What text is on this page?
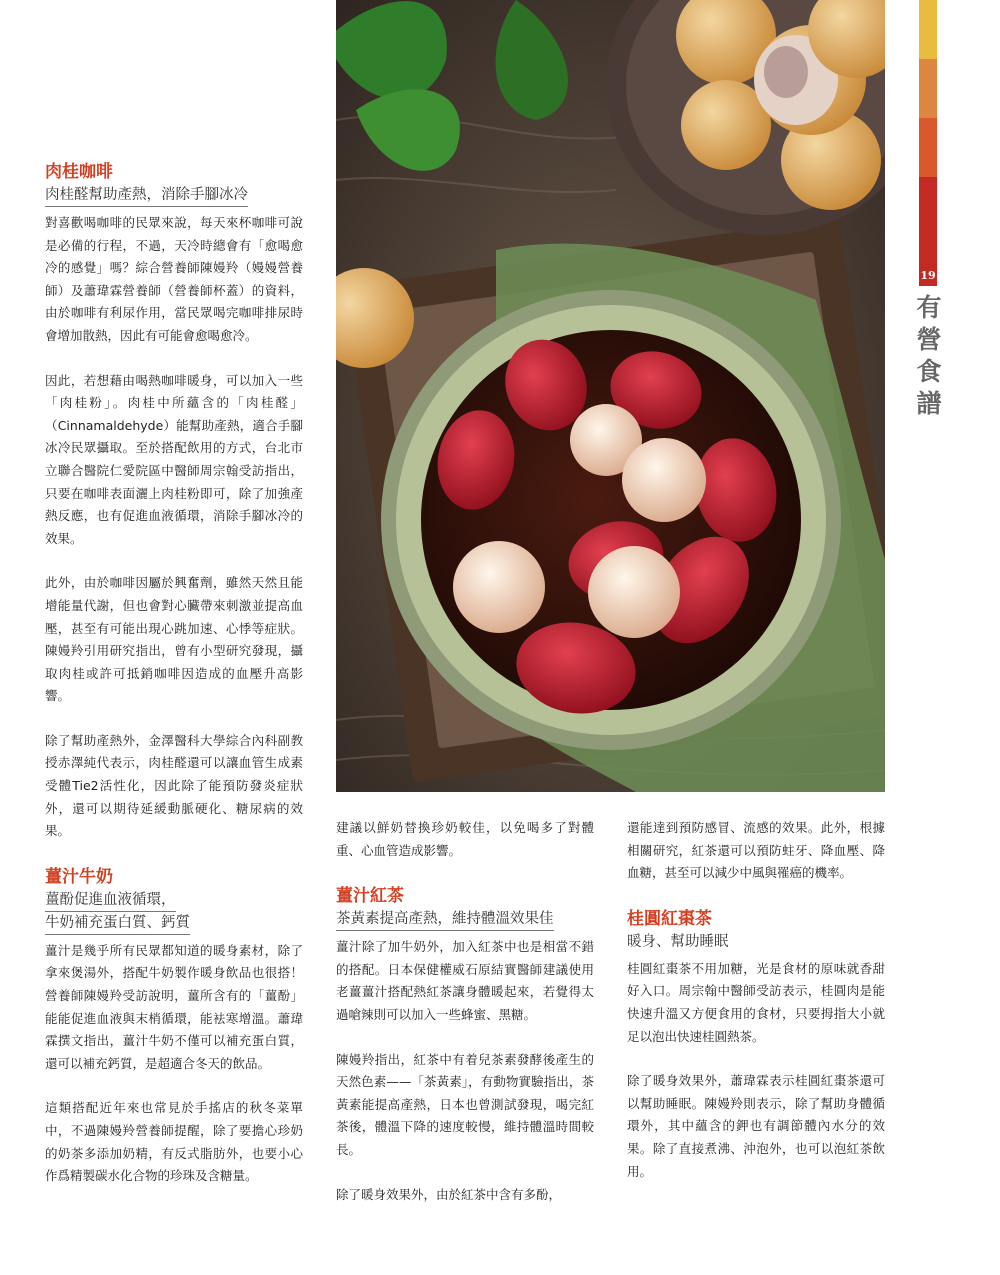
肉桂咖啡
肉桂醛幫助產熱，消除手腳冰冷

對喜歡喝咖啡的民眾來說，每天來杯咖啡可說是必備的行程，不過，天冷時總會有「愈喝愈冷的感覺」嗎？綜合營養師陳嫚羚（嫚嫚營養師）及蕭瑋霖營養師（營養師杯蓋）的資料，由於咖啡有利尿作用，當民眾喝完咖啡排尿時會增加散熱，因此有可能會愈喝愈冷。

因此，若想藉由喝熱咖啡暖身，可以加入一些「肉桂粉」。肉桂中所蘊含的「肉桂醛」（Cinnamaldehyde）能幫助產熱，適合手腳冰冷民眾攝取。至於搭配飲用的方式，台北市立聯合醫院仁愛院區中醫師周宗翰受訪指出，只要在咖啡表面灑上肉桂粉即可，除了加強產熱反應，也有促進血液循環，消除手腳冰冷的效果。

此外，由於咖啡因屬於興奮劑，雖然天然且能增能量代謝，但也會對心臟帶來刺激並提高血壓，甚至有可能出現心跳加速、心悸等症狀。陳嫚羚引用研究指出，曾有小型研究發現，攝取肉桂或許可抵銷咖啡因造成的血壓升高影響。

除了幫助產熱外，金澤醫科大學綜合內科副教授赤澤純代表示，肉桂醛還可以讓血管生成素受體Tie2活性化，因此除了能預防發炎症狀外，還可以期待延緩動脈硬化、糖尿病的效果。

薑汁牛奶
薑酚促進血液循環，
牛奶補充蛋白質、鈣質

薑汁是幾乎所有民眾都知道的暖身素材，除了拿來煲湯外，搭配牛奶製作暖身飲品也很搭！營養師陳嫚羚受訪說明，薑所含有的「薑酚」能能促進血液與末梢循環，能袪寒增溫。蕭瑋霖撰文指出，薑汁牛奶不僅可以補充蛋白質，還可以補充鈣質，是超適合冬天的飲品。

這類搭配近年來也常見於手搖店的秋冬菜單中，不過陳嫚羚營養師提醒，除了要擔心珍奶的奶茶多添加奶精，有反式脂肪外，也要小心作爲精製碳水化合物的珍珠及含糖量。

建議以鮮奶替換珍奶較佳，以免喝多了對體重、心血管造成影響。

薑汁紅茶
茶黃素提高產熱，維持體溫效果佳

薑汁除了加牛奶外，加入紅茶中也是相當不錯的搭配。日本保健權威石原結實醫師建議使用老薑薑汁搭配熱紅茶讓身體暖起來，若覺得太過嗆辣則可以加入一些蜂蜜、黑糖。

陳嫚羚指出，紅茶中有着兒茶素發酵後產生的天然色素——「茶黃素」，有動物實驗指出，茶黃素能提高產熱，日本也曾測試發現，喝完紅茶後，體溫下降的速度較慢，維持體溫時間較長。

除了暖身效果外，由於紅茶中含有多酚，

還能達到預防感冒、流感的效果。此外，根據相關研究，紅茶還可以預防蛀牙、降血壓、降血糖，甚至可以減少中風與罹癌的機率。

桂圓紅棗茶
暖身、幫助睡眠

桂圓紅棗茶不用加糖，光是食材的原味就香甜好入口。周宗翰中醫師受訪表示，桂圓肉是能快速升溫又方便食用的食材，只要拇指大小就足以泡出快速桂圓熱茶。

除了暖身效果外，蕭瑋霖表示桂圓紅棗茶還可以幫助睡眠。陳嫚羚則表示，除了幫助身體循環外，其中蘊含的鉀也有調節體內水分的效果。除了直接煮沸、沖泡外，也可以泡紅茶飲用。

19
有營食譜
